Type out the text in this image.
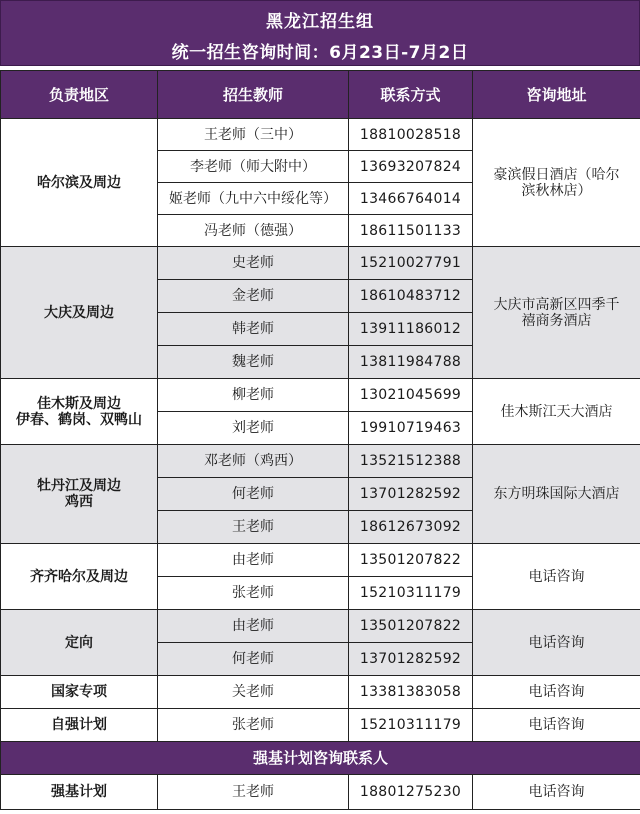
黑龙江招生组
统一招生咨询时间：6月23日-7月2日
负责地区	招生教师	联系方式	咨询地址
哈尔滨及周边	王老师（三中）	18810028518	豪滨假日酒店（哈尔滨秋林店）
	李老师（师大附中）	13693207824	
	姬老师（九中六中绥化等）	13466764014	
	冯老师（德强）	18611501133	
大庆及周边	史老师	15210027791	大庆市高新区四季千禧商务酒店
	金老师	18610483712	
	韩老师	13911186012	
	魏老师	13811984788	

佳木斯及周边
伊春、鹤岗、双鸭山	柳老师	13021045699	佳木斯江天大酒店
	刘老师	19910719463	

牡丹江及周边
鸡西	邓老师（鸡西）	13521512388	东方明珠国际大酒店
	何老师	13701282592	
	王老师	18612673092	
齐齐哈尔及周边	由老师	13501207822	电话咨询
	张老师	15210311179	
定向	由老师	13501207822	电话咨询
	何老师	13701282592	
国家专项	关老师	13381383058	电话咨询
自强计划	张老师	15210311179	电话咨询
强基计划咨询联系人			
强基计划	王老师	18801275230	电话咨询
